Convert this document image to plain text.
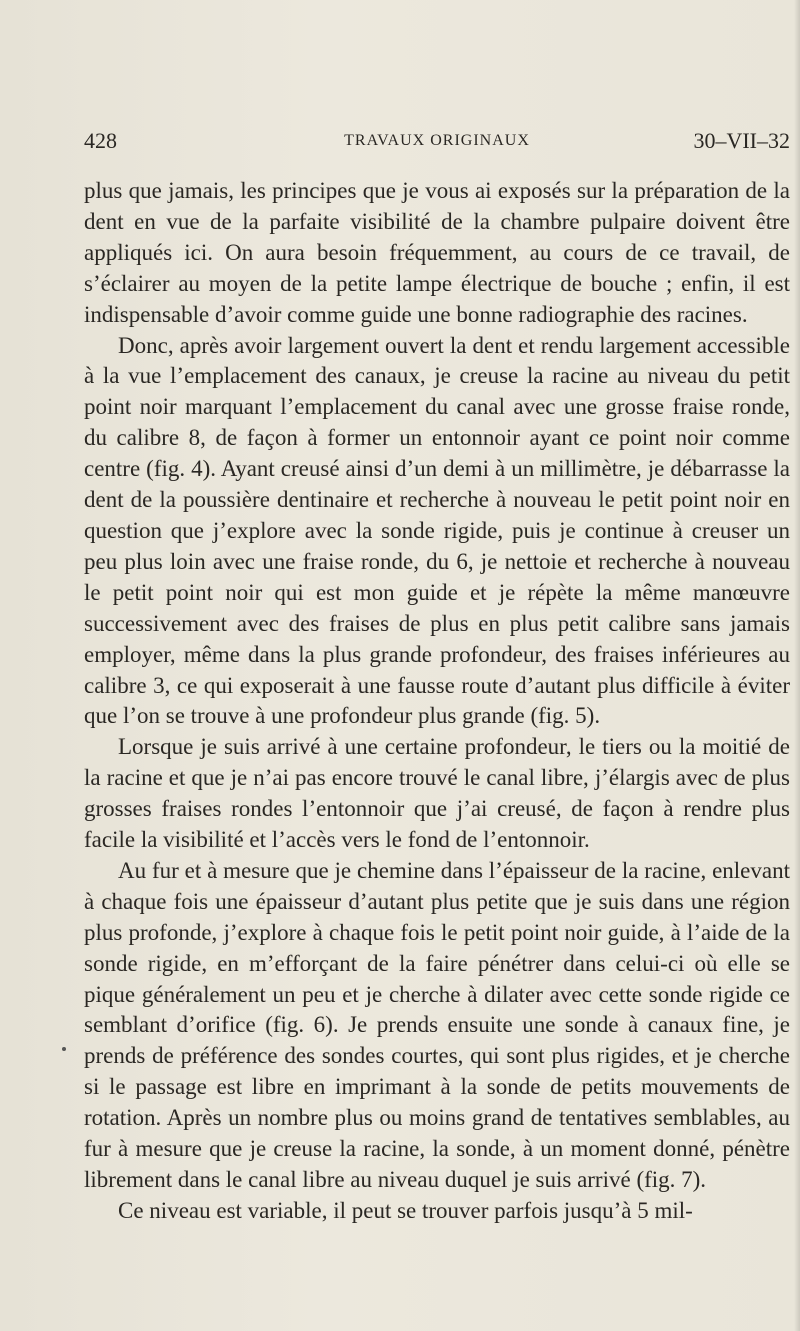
428	TRAVAUX ORIGINAUX	30–VII–32

plus que jamais, les principes que je vous ai exposés sur la préparation de la dent en vue de la parfaite visibilité de la chambre pulpaire doivent être appliqués ici. On aura besoin fréquemment, au cours de ce travail, de s’éclairer au moyen de la petite lampe électrique de bouche ; enfin, il est indispensable d’avoir comme guide une bonne radiographie des racines.

Donc, après avoir largement ouvert la dent et rendu largement accessible à la vue l’emplacement des canaux, je creuse la racine au niveau du petit point noir marquant l’emplacement du canal avec une grosse fraise ronde, du calibre 8, de façon à former un entonnoir ayant ce point noir comme centre (fig. 4). Ayant creusé ainsi d’un demi à un millimètre, je débarrasse la dent de la poussière dentinaire et recherche à nouveau le petit point noir en question que j’explore avec la sonde rigide, puis je continue à creuser un peu plus loin avec une fraise ronde, du 6, je nettoie et recherche à nouveau le petit point noir qui est mon guide et je répète la même manœuvre successivement avec des fraises de plus en plus petit calibre sans jamais employer, même dans la plus grande profondeur, des fraises inférieures au calibre 3, ce qui exposerait à une fausse route d’autant plus difficile à éviter que l’on se trouve à une profondeur plus grande (fig. 5).

Lorsque je suis arrivé à une certaine profondeur, le tiers ou la moitié de la racine et que je n’ai pas encore trouvé le canal libre, j’élargis avec de plus grosses fraises rondes l’entonnoir que j’ai creusé, de façon à rendre plus facile la visibilité et l’accès vers le fond de l’entonnoir.

Au fur et à mesure que je chemine dans l’épaisseur de la racine, enlevant à chaque fois une épaisseur d’autant plus petite que je suis dans une région plus profonde, j’explore à chaque fois le petit point noir guide, à l’aide de la sonde rigide, en m’efforçant de la faire pénétrer dans celui-ci où elle se pique généralement un peu et je cherche à dilater avec cette sonde rigide ce semblant d’orifice (fig. 6). Je prends ensuite une sonde à canaux fine, je prends de préférence des sondes courtes, qui sont plus rigides, et je cherche si le passage est libre en imprimant à la sonde de petits mouvements de rotation. Après un nombre plus ou moins grand de tentatives semblables, au fur à mesure que je creuse la racine, la sonde, à un moment donné, pénètre librement dans le canal libre au niveau duquel je suis arrivé (fig. 7).

Ce niveau est variable, il peut se trouver parfois jusqu’à 5 mil-
